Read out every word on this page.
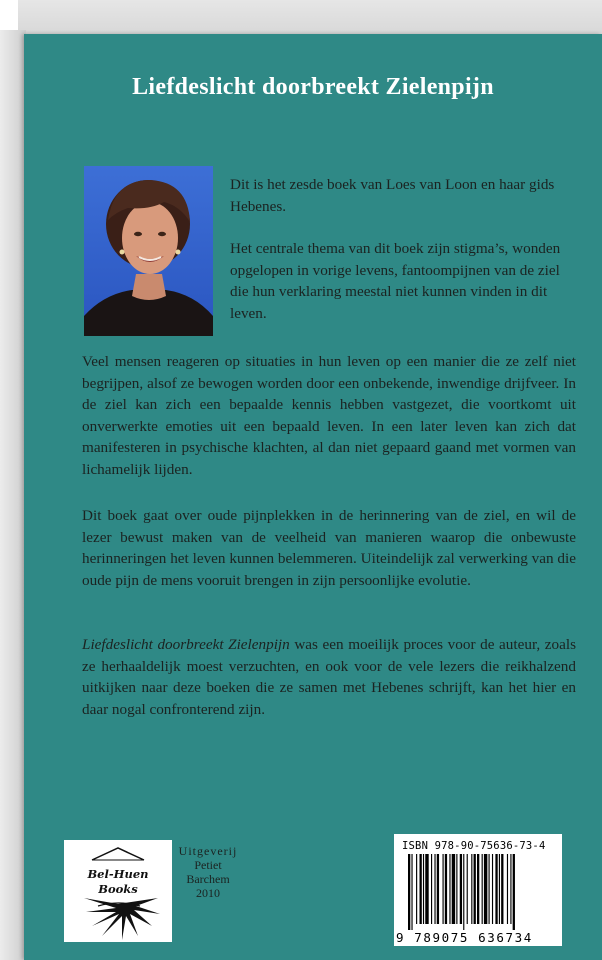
Liefdeslicht doorbreekt Zielenpijn

Dit is het zesde boek van Loes van Loon en haar gids Hebenes.

Het centrale thema van dit boek zijn stigma’s, wonden opgelopen in vorige levens, fantoompijnen van de ziel die hun verklaring meestal niet kunnen vinden in dit leven.

Veel mensen reageren op situaties in hun leven op een manier die ze zelf niet begrijpen, alsof ze bewogen worden door een onbekende, inwendige drijfveer. In de ziel kan zich een bepaalde kennis hebben vastgezet, die voortkomt uit onverwerkte emoties uit een bepaald leven. In een later leven kan zich dat manifesteren in psychische klachten, al dan niet gepaard gaand met vormen van lichamelijk lijden.

Dit boek gaat over oude pijnplekken in de herinnering van de ziel, en wil de lezer bewust maken van de veelheid van manieren waarop die onbewuste herinneringen het leven kunnen belemmeren. Uiteindelijk zal verwerking van die oude pijn de mens vooruit brengen in zijn persoonlijke evolutie.

Liefdeslicht doorbreekt Zielenpijn was een moeilijk proces voor de auteur, zoals ze herhaaldelijk moest verzuchten, en ook voor de vele lezers die reikhalzend uitkijken naar deze boeken die ze samen met Hebenes schrijft, kan het hier en daar nogal confronterend zijn.

Bel-Huen
Books
Uitgeverij
Petiet
Barchem
2010
ISBN 978-90-75636-73-4
9 789075 636734
